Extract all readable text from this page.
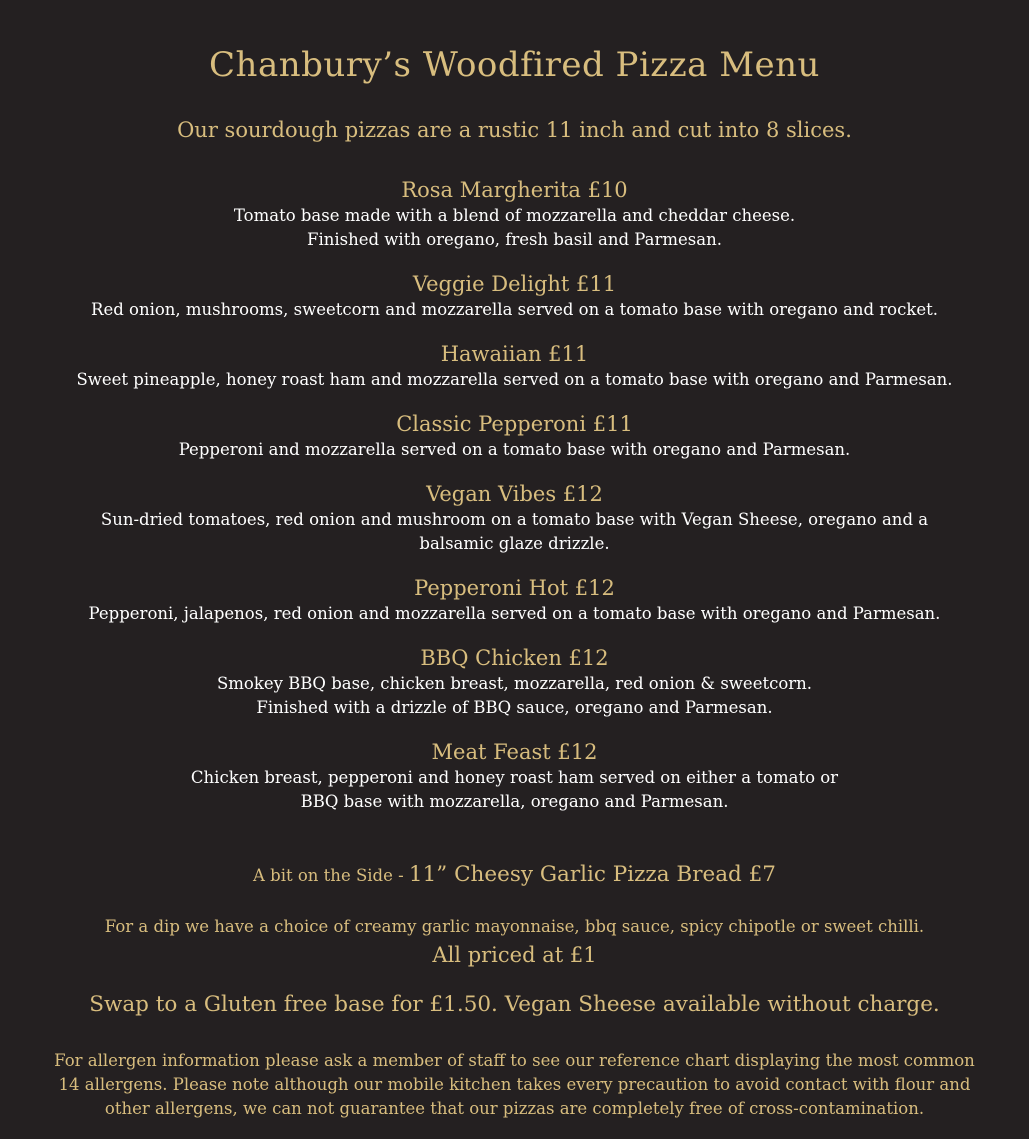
Chanbury’s Woodfired Pizza Menu
Our sourdough pizzas are a rustic 11 inch and cut into 8 slices.
Rosa Margherita £10
Tomato base made with a blend of mozzarella and cheddar cheese.
Finished with oregano, fresh basil and Parmesan.
Veggie Delight £11
Red onion, mushrooms, sweetcorn and mozzarella served on a tomato base with oregano and rocket.
Hawaiian £11
Sweet pineapple, honey roast ham and mozzarella served on a tomato base with oregano and Parmesan.
Classic Pepperoni £11
Pepperoni and mozzarella served on a tomato base with oregano and Parmesan.
Vegan Vibes £12
Sun-dried tomatoes, red onion and mushroom on a tomato base with Vegan Sheese, oregano and a
balsamic glaze drizzle.
Pepperoni Hot £12
Pepperoni, jalapenos, red onion and mozzarella served on a tomato base with oregano and Parmesan.
BBQ Chicken £12
Smokey BBQ base, chicken breast, mozzarella, red onion & sweetcorn.
Finished with a drizzle of BBQ sauce, oregano and Parmesan.
Meat Feast £12
Chicken breast, pepperoni and honey roast ham served on either a tomato or
BBQ base with mozzarella, oregano and Parmesan.
A bit on the Side - 11” Cheesy Garlic Pizza Bread £7
For a dip we have a choice of creamy garlic mayonnaise, bbq sauce, spicy chipotle or sweet chilli.
All priced at £1
Swap to a Gluten free base for £1.50. Vegan Sheese available without charge.
For allergen information please ask a member of staff to see our reference chart displaying the most common
14 allergens. Please note although our mobile kitchen takes every precaution to avoid contact with flour and
other allergens, we can not guarantee that our pizzas are completely free of cross-contamination.
